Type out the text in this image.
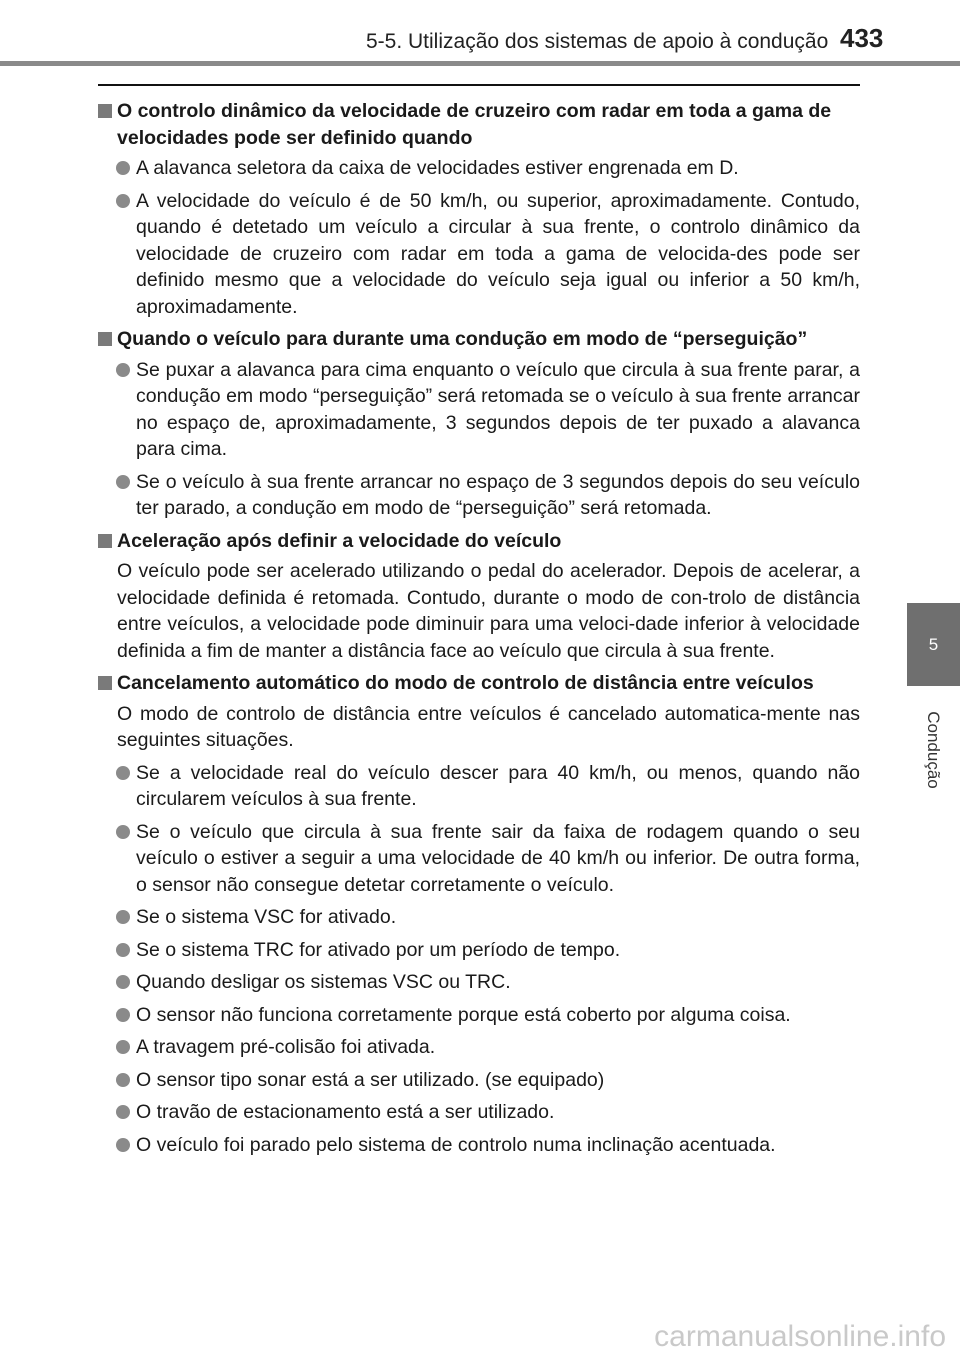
5-5. Utilização dos sistemas de apoio à condução 433
5
Condução
O controlo dinâmico da velocidade de cruzeiro com radar em toda a gama de velocidades pode ser definido quando
A alavanca seletora da caixa de velocidades estiver engrenada em D.
A velocidade do veículo é de 50 km/h, ou superior, aproximadamente. Contudo, quando é detetado um veículo a circular à sua frente, o controlo dinâmico da velocidade de cruzeiro com radar em toda a gama de velocida-des pode ser definido mesmo que a velocidade do veículo seja igual ou inferior a 50 km/h, aproximadamente.
Quando o veículo para durante uma condução em modo de “perseguição”
Se puxar a alavanca para cima enquanto o veículo que circula à sua frente parar, a condução em modo “perseguição” será retomada se o veículo à sua frente arrancar no espaço de, aproximadamente, 3 segundos depois de ter puxado a alavanca para cima.
Se o veículo à sua frente arrancar no espaço de 3 segundos depois do seu veículo ter parado, a condução em modo de “perseguição” será retomada.
Aceleração após definir a velocidade do veículo
O veículo pode ser acelerado utilizando o pedal do acelerador. Depois de acelerar, a velocidade definida é retomada. Contudo, durante o modo de con-trolo de distância entre veículos, a velocidade pode diminuir para uma veloci-dade inferior à velocidade definida a fim de manter a distância face ao veículo que circula à sua frente.
Cancelamento automático do modo de controlo de distância entre veículos
O modo de controlo de distância entre veículos é cancelado automatica-mente nas seguintes situações.
Se a velocidade real do veículo descer para 40 km/h, ou menos, quando não circularem veículos à sua frente.
Se o veículo que circula à sua frente sair da faixa de rodagem quando o seu veículo o estiver a seguir a uma velocidade de 40 km/h ou inferior. De outra forma, o sensor não consegue detetar corretamente o veículo.
Se o sistema VSC for ativado.
Se o sistema TRC for ativado por um período de tempo.
Quando desligar os sistemas VSC ou TRC.
O sensor não funciona corretamente porque está coberto por alguma coisa.
A travagem pré-colisão foi ativada.
O sensor tipo sonar está a ser utilizado. (se equipado)
O travão de estacionamento está a ser utilizado.
O veículo foi parado pelo sistema de controlo numa inclinação acentuada.
carmanualsonline.info
